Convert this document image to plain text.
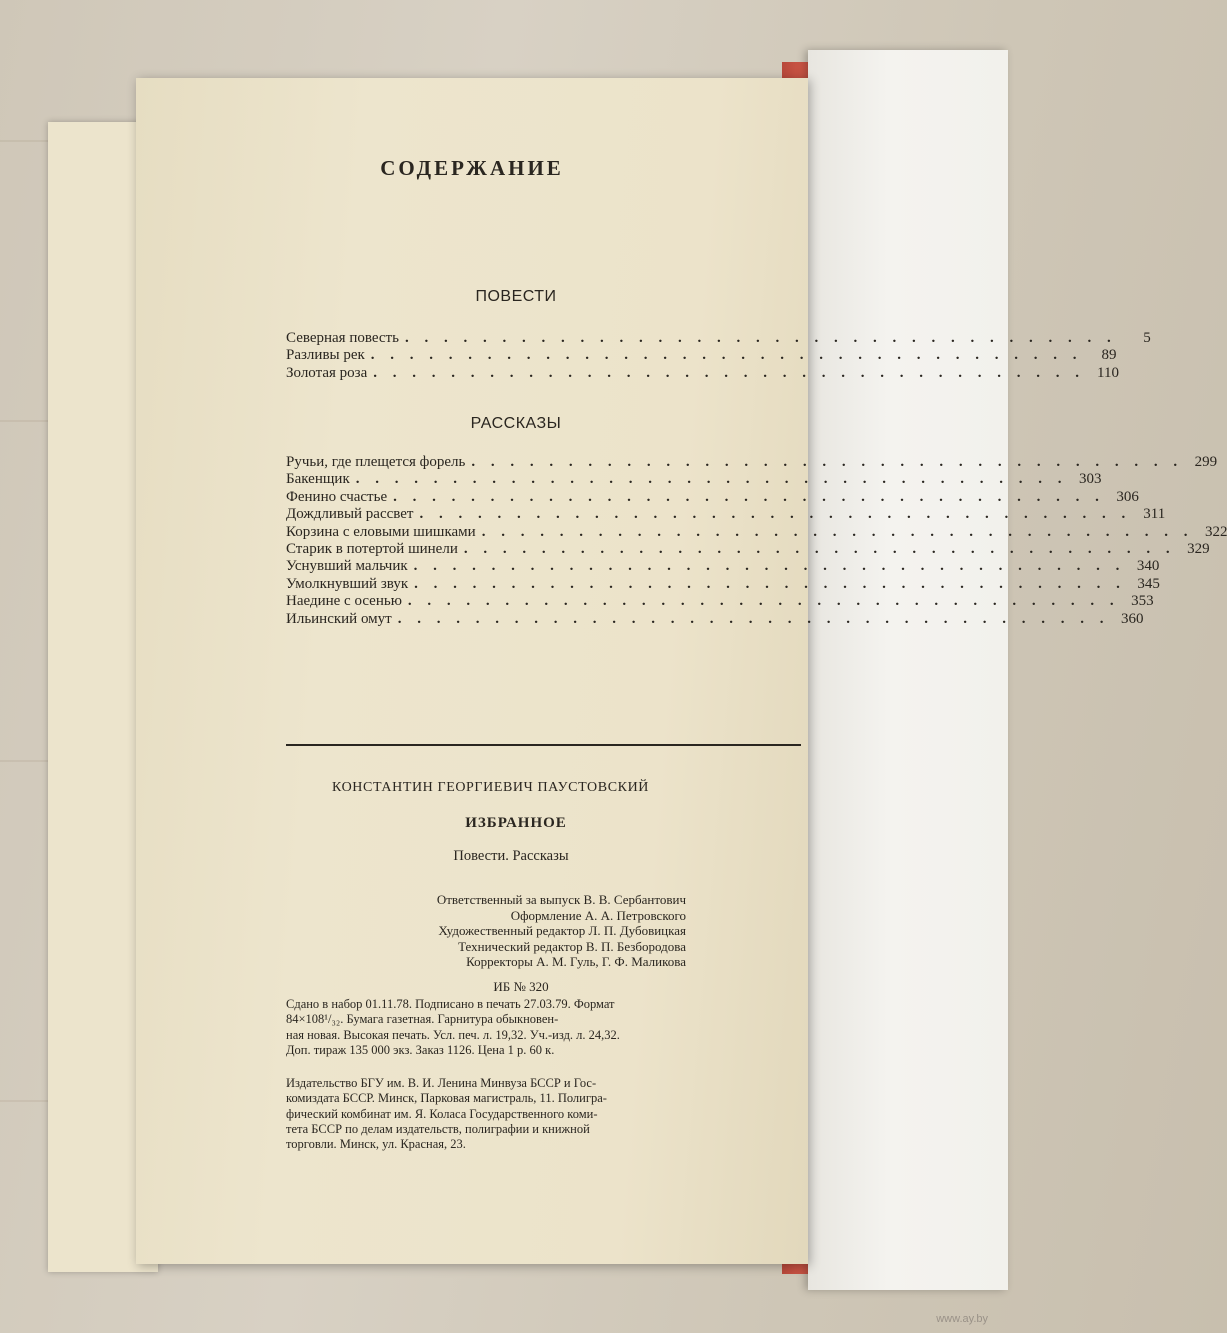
СОДЕРЖАНИЕ
ПОВЕСТИ
Северная повесть . . . . . . . . . . . . . . . . . . . . . . . . . . . . . . . . . . . . .	5
Разливы рек . . . . . . . . . . . . . . . . . . . . . . . . . . . . . . . . . . . . .	89
Золотая роза . . . . . . . . . . . . . . . . . . . . . . . . . . . . . . . . . . . . . 110
РАССКАЗЫ
Ручьи, где плещется форель . . . . . . . . . . . . . . . . . . . . . . . . . . . . . . . . . . . . . 299
Бакенщик . . . . . . . . . . . . . . . . . . . . . . . . . . . . . . . . . . . . . 303
Фенино счастье . . . . . . . . . . . . . . . . . . . . . . . . . . . . . . . . . . . . . 306
Дождливый рассвет . . . . . . . . . . . . . . . . . . . . . . . . . . . . . . . . . . . . . 311
Корзина с еловыми шишками . . . . . . . . . . . . . . . . . . . . . . . . . . . . . . . . . . . . . 322
Старик в потертой шинели . . . . . . . . . . . . . . . . . . . . . . . . . . . . . . . . . . . . . 329
Уснувший мальчик . . . . . . . . . . . . . . . . . . . . . . . . . . . . . . . . . . . . . 340
Умолкнувший звук . . . . . . . . . . . . . . . . . . . . . . . . . . . . . . . . . . . . . 345
Наедине с осенью . . . . . . . . . . . . . . . . . . . . . . . . . . . . . . . . . . . . . 353
Ильинский омут . . . . . . . . . . . . . . . . . . . . . . . . . . . . . . . . . . . . . 360
КОНСТАНТИН ГЕОРГИЕВИЧ ПАУСТОВСКИЙ
ИЗБРАННОЕ
Повести. Рассказы
Ответственный за выпуск В. В. Сербантович
Оформление А. А. Петровского
Художественный редактор Л. П. Дубовицкая
Технический редактор В. П. Безбородова
Корректоры А. М. Гуль, Г. Ф. Маликова
ИБ № 320
Сдано в набор 01.11.78. Подписано в печать 27.03.79. Формат
84×108¹/₃₂. Бумага газетная. Гарнитура обыкновен-
ная новая. Высокая печать. Усл. печ. л. 19,32. Уч.-изд. л. 24,32.
Доп. тираж 135 000 экз. Заказ 1126. Цена 1 р. 60 к.
Издательство БГУ им. В. И. Ленина Минвуза БССР и Гос-
комиздата БССР. Минск, Парковая магистраль, 11. Полигра-
фический комбинат им. Я. Коласа Государственного коми-
тета БССР по делам издательств, полиграфии и книжной
торговли. Минск, ул. Красная, 23.
www.ay.by
